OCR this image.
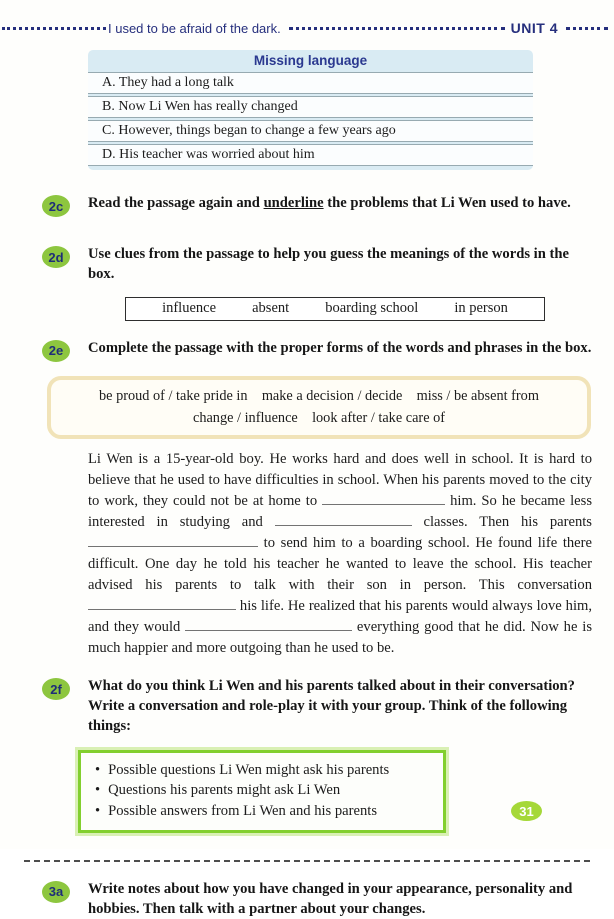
I used to be afraid of the dark.	UNIT 4
Missing language
A. They had a long talk
B. Now Li Wen has really changed
C. However, things began to change a few years ago
D. His teacher was worried about him
2c	Read the passage again and underline the problems that Li Wen used to have.
2d	Use clues from the passage to help you guess the meanings of the words in the box.
influence absent boarding school in person
2e	Complete the passage with the proper forms of the words and phrases in the box.
be proud of / take pride in make a decision / decide miss / be absent from
change / influence look after / take care of

Li Wen is a 15-year-old boy. He works hard and does well in school. It is hard to believe that he used to have difficulties in school. When his parents moved to the city to work, they could not be at home to	him. So he became less interested in studying and	classes. Then his parents  to send him to a boarding school. He found life there difficult. One day he told his teacher he wanted to leave the school. His teacher advised his parents to talk with their son in person. This conversation  his life. He realized that his parents would always love him, and they would	everything good that he did. Now he is much happier and more outgoing than he used to be.

2f	What do you think Li Wen and his parents talked about in their conversation? Write a conversation and role-play it with your group. Think of the following things:
• Possible questions Li Wen might ask his parents
• Questions his parents might ask Li Wen
• Possible answers from Li Wen and his parents
3a	Write notes about how you have changed in your appearance, personality and hobbies. Then talk with a partner about your changes.
31
